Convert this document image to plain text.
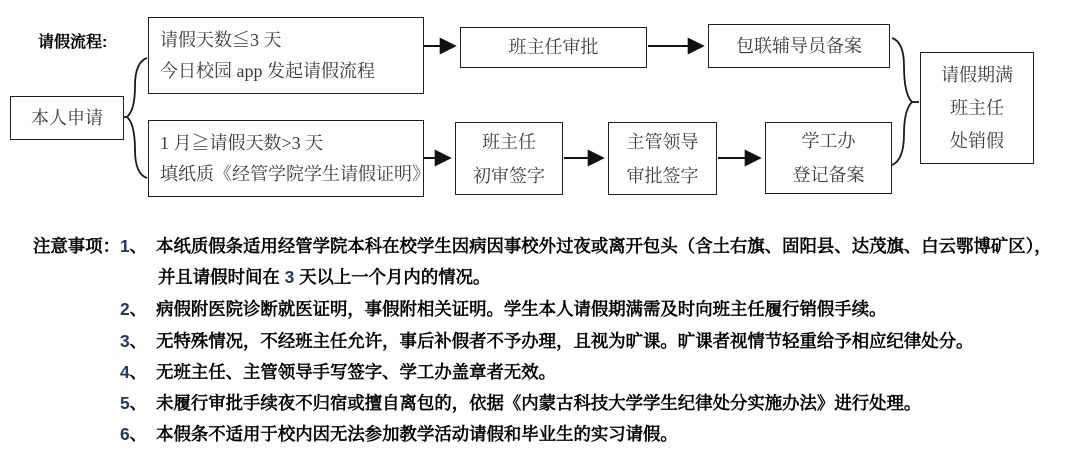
请假流程:
本人申请
请假天数≦3 天
今日校园 app 发起请假流程
1 月≧请假天数>3 天
填纸质《经管学院学生请假证明》
班主任审批	包联辅导员备案
班主任
初审签字
主管领导
审批签字
学工办
登记备案
请假期满
班主任
处销假
注意事项： 1、 本纸质假条适用经管学院本科在校学生因病因事校外过夜或离开包头（含土右旗、固阳县、达茂旗、白云鄂博矿区），
并且请假时间在 3 天以上一个月内的情况。
2、 病假附医院诊断就医证明，事假附相关证明。学生本人请假期满需及时向班主任履行销假手续。
3、 无特殊情况，不经班主任允许，事后补假者不予办理，且视为旷课。旷课者视情节轻重给予相应纪律处分。
4、 无班主任、主管领导手写签字、学工办盖章者无效。
5、 未履行审批手续夜不归宿或擅自离包的，依据《内蒙古科技大学学生纪律处分实施办法》进行处理。
6、 本假条不适用于校内因无法参加教学活动请假和毕业生的实习请假。
